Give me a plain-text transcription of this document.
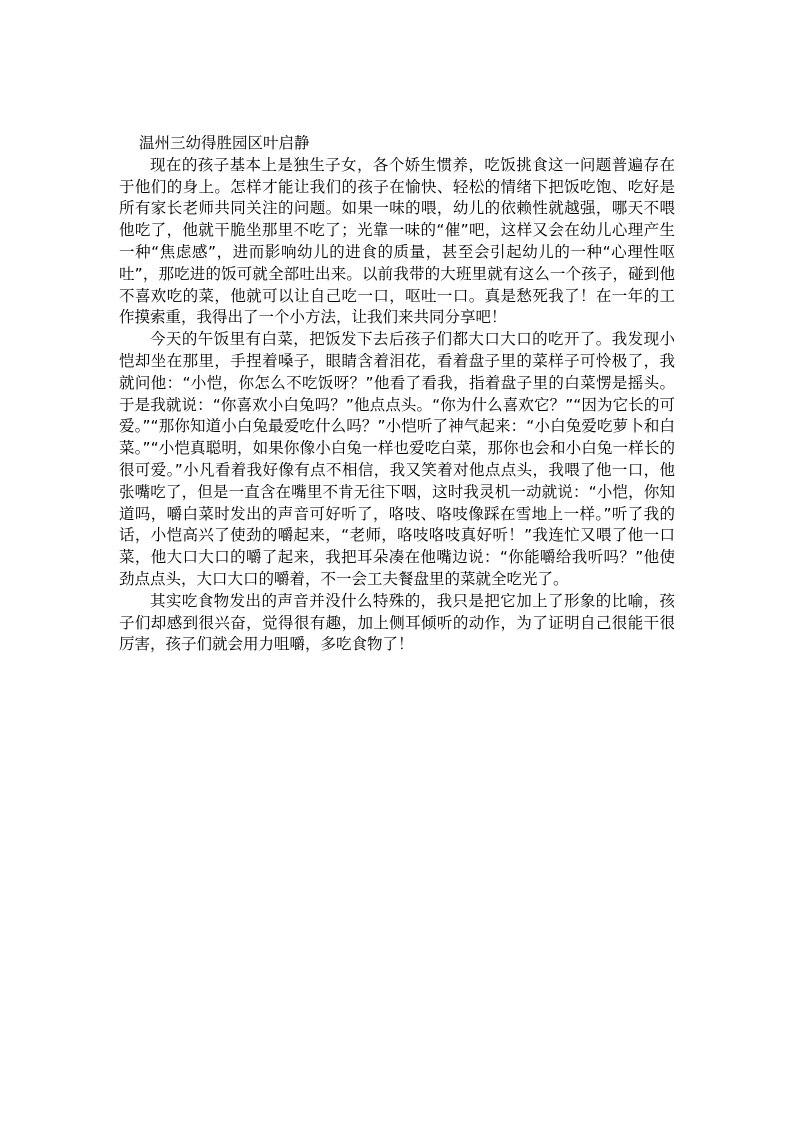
温州三幼得胜园区叶启静

现在的孩子基本上是独生子女，各个娇生惯养，吃饭挑食这一问题普遍存在于他们的身上。怎样才能让我们的孩子在愉快、轻松的情绪下把饭吃饱、吃好是所有家长老师共同关注的问题。如果一味的喂，幼儿的依赖性就越强，哪天不喂他吃了，他就干脆坐那里不吃了；光靠一味的“催”吧，这样又会在幼儿心理产生一种“焦虑感”，进而影响幼儿的进食的质量，甚至会引起幼儿的一种“心理性呕吐”，那吃进的饭可就全部吐出来。以前我带的大班里就有这么一个孩子，碰到他不喜欢吃的菜，他就可以让自己吃一口，呕吐一口。真是愁死我了！在一年的工作摸索重，我得出了一个小方法，让我们来共同分享吧！

今天的午饭里有白菜，把饭发下去后孩子们都大口大口的吃开了。我发现小恺却坐在那里，手捏着嗓子，眼睛含着泪花，看着盘子里的菜样子可怜极了，我就问他：“小恺，你怎么不吃饭呀？”他看了看我，指着盘子里的白菜愣是摇头。于是我就说：“你喜欢小白兔吗？”他点点头。“你为什么喜欢它？”“因为它长的可爱。”“那你知道小白兔最爱吃什么吗？”小恺听了神气起来：“小白兔爱吃萝卜和白菜。”“小恺真聪明，如果你像小白兔一样也爱吃白菜，那你也会和小白兔一样长的很可爱。”小凡看着我好像有点不相信，我又笑着对他点点头，我喂了他一口，他张嘴吃了，但是一直含在嘴里不肯无往下咽，这时我灵机一动就说：“小恺，你知道吗，嚼白菜时发出的声音可好听了，咯吱、咯吱像踩在雪地上一样。”听了我的话，小恺高兴了使劲的嚼起来，“老师，咯吱咯吱真好听！”我连忙又喂了他一口菜，他大口大口的嚼了起来，我把耳朵凑在他嘴边说：“你能嚼给我听吗？”他使劲点点头，大口大口的嚼着，不一会工夫餐盘里的菜就全吃光了。

其实吃食物发出的声音并没什么特殊的，我只是把它加上了形象的比喻，孩子们却感到很兴奋，觉得很有趣，加上侧耳倾听的动作，为了证明自己很能干很厉害，孩子们就会用力咀嚼，多吃食物了！
